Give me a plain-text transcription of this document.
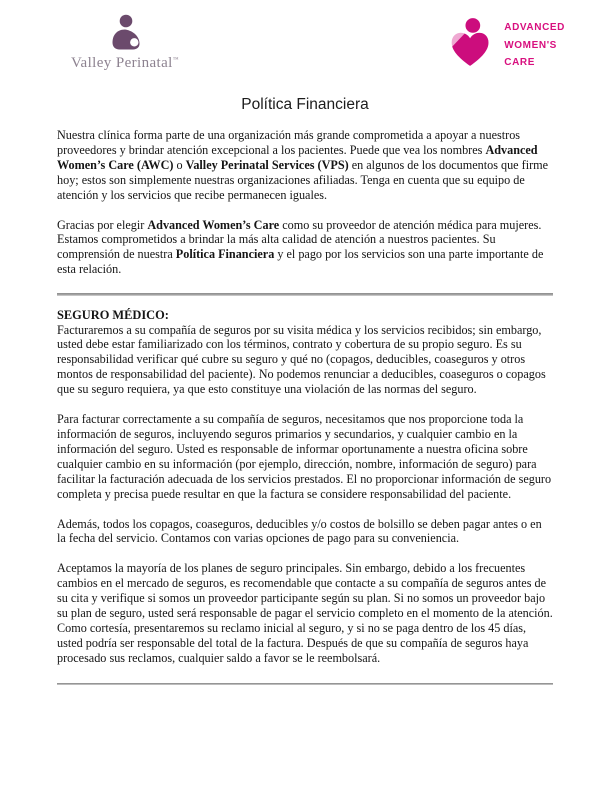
Valley Perinatal™
ADVANCED
WOMEN'S
CARE
Política Financiera

Nuestra clínica forma parte de una organización más grande comprometida a apoyar a nuestros proveedores y brindar atención excepcional a los pacientes. Puede que vea los nombres Advanced Women’s Care (AWC) o Valley Perinatal Services (VPS) en algunos de los documentos que firme hoy; estos son simplemente nuestras organizaciones afiliadas. Tenga en cuenta que su equipo de atención y los servicios que recibe permanecen iguales.

Gracias por elegir Advanced Women’s Care como su proveedor de atención médica para mujeres. Estamos comprometidos a brindar la más alta calidad de atención a nuestros pacientes. Su comprensión de nuestra Política Financiera y el pago por los servicios son una parte importante de esta relación.

SEGURO MÉDICO:

Facturaremos a su compañía de seguros por su visita médica y los servicios recibidos; sin embargo, usted debe estar familiarizado con los términos, contrato y cobertura de su propio seguro. Es su responsabilidad verificar qué cubre su seguro y qué no (copagos, deducibles, coaseguros y otros montos de responsabilidad del paciente). No podemos renunciar a deducibles, coaseguros o copagos que su seguro requiera, ya que esto constituye una violación de las normas del seguro.

Para facturar correctamente a su compañía de seguros, necesitamos que nos proporcione toda la información de seguros, incluyendo seguros primarios y secundarios, y cualquier cambio en la información del seguro. Usted es responsable de informar oportunamente a nuestra oficina sobre cualquier cambio en su información (por ejemplo, dirección, nombre, información de seguro) para facilitar la facturación adecuada de los servicios prestados. El no proporcionar información de seguro completa y precisa puede resultar en que la factura se considere responsabilidad del paciente.

Además, todos los copagos, coaseguros, deducibles y/o costos de bolsillo se deben pagar antes o en la fecha del servicio. Contamos con varias opciones de pago para su conveniencia.

Aceptamos la mayoría de los planes de seguro principales. Sin embargo, debido a los frecuentes cambios en el mercado de seguros, es recomendable que contacte a su compañía de seguros antes de su cita y verifique si somos un proveedor participante según su plan. Si no somos un proveedor bajo su plan de seguro, usted será responsable de pagar el servicio completo en el momento de la atención. Como cortesía, presentaremos su reclamo inicial al seguro, y si no se paga dentro de los 45 días, usted podría ser responsable del total de la factura. Después de que su compañía de seguros haya procesado sus reclamos, cualquier saldo a favor se le reembolsará.
